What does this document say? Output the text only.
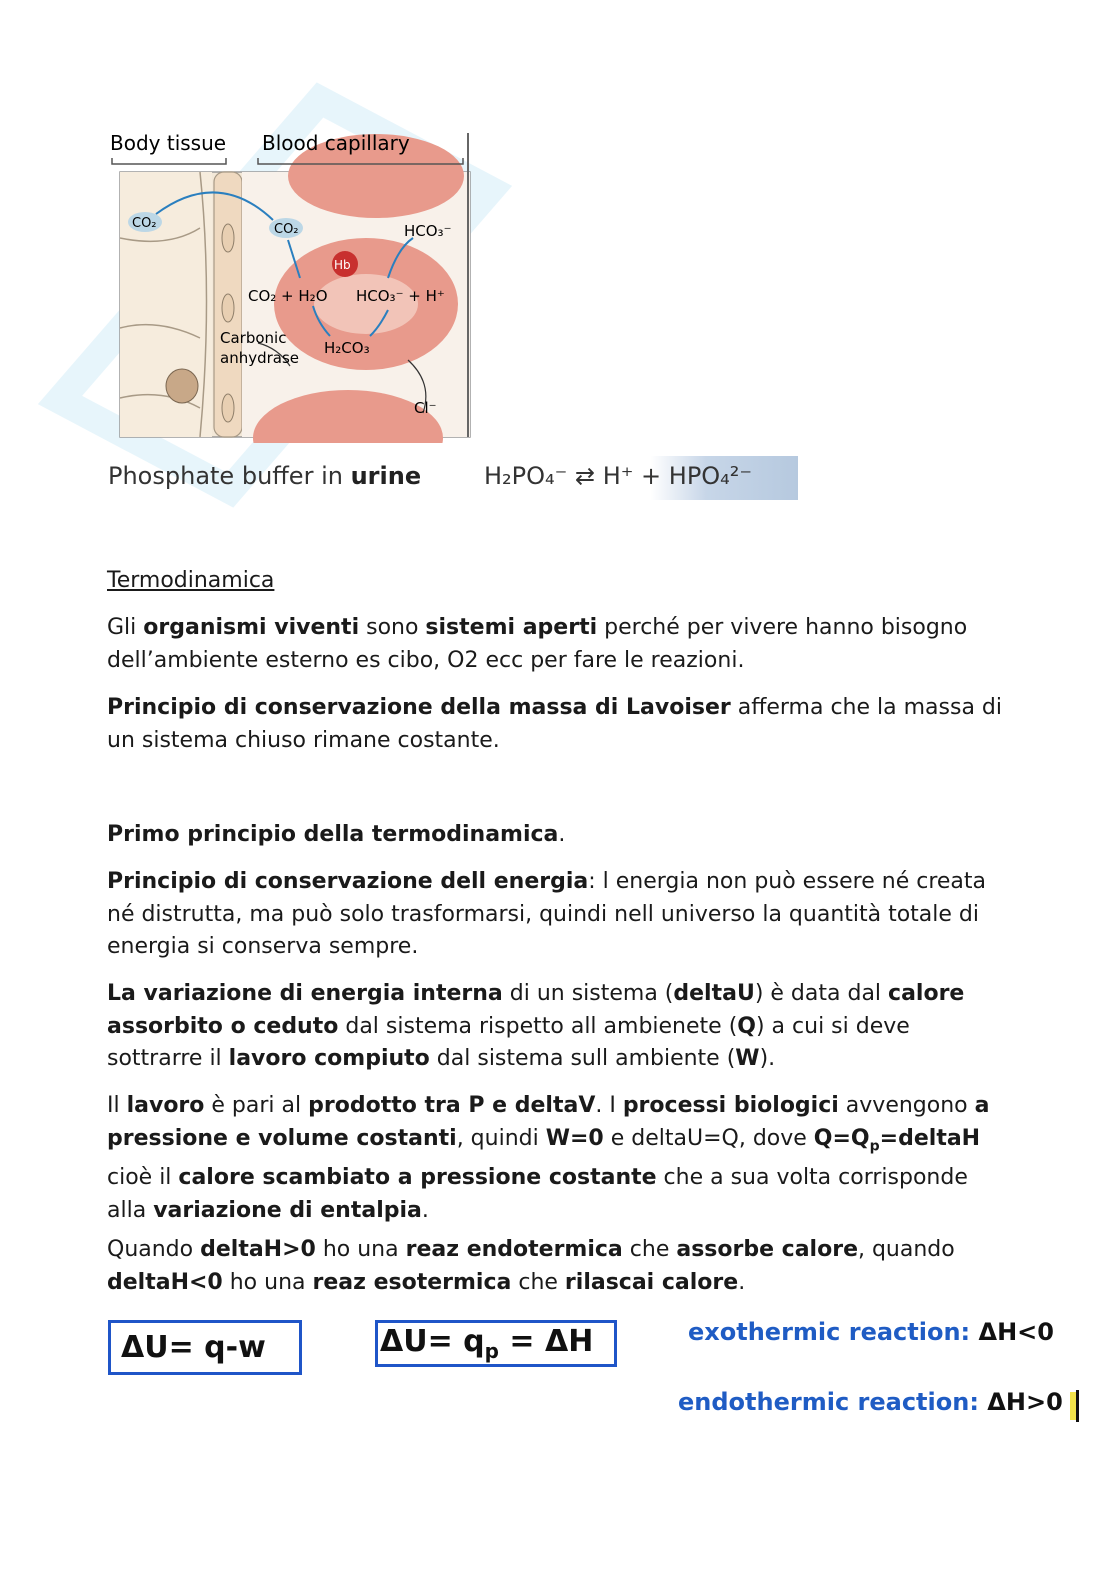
Body tissue Blood capillary
CO₂	CO₂
Hb
HCO₃⁻
CO₂ + H₂O HCO₃⁻ + H⁺
Carbonic
anhydrase
H₂CO₃
Cl⁻
Phosphate buffer in urine	H₂PO₄⁻ ⇄ H⁺ + HPO₄²⁻
Termodinamica
Gli organismi viventi sono sistemi aperti perché per vivere hanno bisogno dell’ambiente esterno es cibo, O2 ecc per fare le reazioni.
Principio di conservazione della massa di Lavoiser afferma che la massa di un sistema chiuso rimane costante.
Primo principio della termodinamica.
Principio di conservazione dell energia: l energia non può essere né creata né distrutta, ma può solo trasformarsi, quindi nell universo la quantità totale di energia si conserva sempre.
La variazione di energia interna di un sistema (deltaU) è data dal calore assorbito o ceduto dal sistema rispetto all ambienete (Q) a cui si deve sottrarre il lavoro compiuto dal sistema sull ambiente (W).
Il lavoro è pari al prodotto tra P e deltaV. I processi biologici avvengono a pressione e volume costanti, quindi W=0 e deltaU=Q, dove $Q=Q_p=deltaH$ cioè il calore scambiato a pressione costante che a sua volta corrisponde alla variazione di entalpia.
Quando deltaH>0 ho una reaz endotermica che assorbe calore, quando deltaH<0 ho una reaz esotermica che rilascai calore.
ΔU= q-w	$\Delta U= q_p = \Delta H$	exothermic reaction: ΔH<0
endothermic reaction: ΔH>0
